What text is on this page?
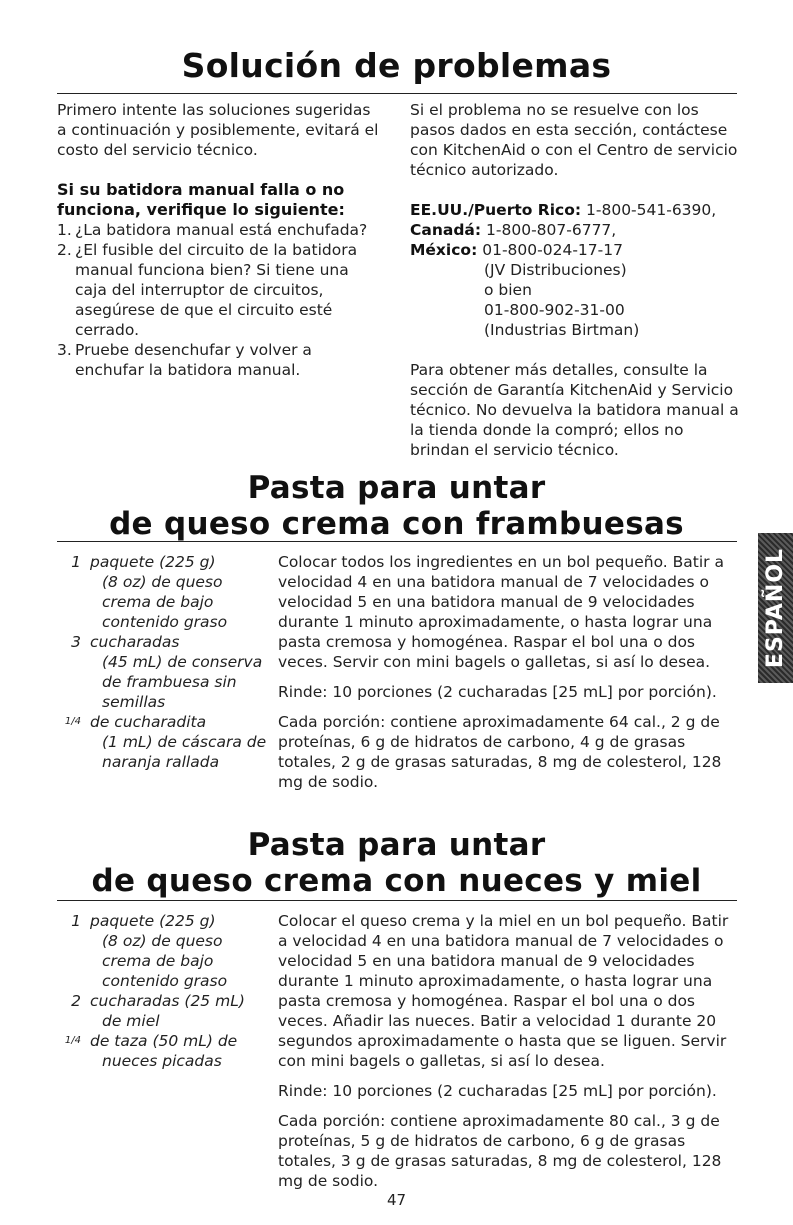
Solución de problemas

Primero intente las soluciones sugeridas a continuación y posiblemente, evitará el costo del servicio técnico.

Si su batidora manual falla o no funciona, verifique lo siguiente:

1. ¿La batidora manual está enchufada?
2. ¿El fusible del circuito de la batidora manual funciona bien? Si tiene una caja del interruptor de circuitos, asegúrese de que el circuito esté cerrado.
3. Pruebe desenchufar y volver a enchufar la batidora manual.

Si el problema no se resuelve con los pasos dados en esta sección, contáctese con KitchenAid o con el Centro de servicio técnico autorizado.

EE.UU./Puerto Rico: 1-800-541-6390,

Canadá: 1-800-807-6777,

México: 01-800-024-17-17

(JV Distribuciones)

o bien

01-800-902-31-00

(Industrias Birtman)

Para obtener más detalles, consulte la sección de Garantía KitchenAid y Servicio técnico. No devuelva la batidora manual a la tienda donde la compró; ellos no brindan el servicio técnico.

Pasta para untar
de queso crema con frambuesas
1 paquete (225 g)
(8 oz) de queso
crema de bajo
contenido graso
3 cucharadas
(45 mL) de conserva
de frambuesa sin
semillas
1/4 de cucharadita
(1 mL) de cáscara de
naranja rallada

Colocar todos los ingredientes en un bol pequeño. Batir a velocidad 4 en una batidora manual de 7 velocidades o velocidad 5 en una batidora manual de 9 velocidades durante 1 minuto aproximadamente, o hasta lograr una pasta cremosa y homogénea. Raspar el bol una o dos veces. Servir con mini bagels o galletas, si así lo desea.

Rinde: 10 porciones (2 cucharadas [25 mL] por porción).

Cada porción: contiene aproximadamente 64 cal., 2 g de proteínas, 6 g de hidratos de carbono, 4 g de grasas totales, 2 g de grasas saturadas, 8 mg de colesterol, 128 mg de sodio.

Pasta para untar
de queso crema con nueces y miel
1 paquete (225 g)
(8 oz) de queso
crema de bajo
contenido graso
2 cucharadas (25 mL)
de miel
1/4 de taza (50 mL) de
nueces picadas

Colocar el queso crema y la miel en un bol pequeño. Batir a velocidad 4 en una batidora manual de 7 velocidades o velocidad 5 en una batidora manual de 9 velocidades durante 1 minuto aproximadamente, o hasta lograr una pasta cremosa y homogénea. Raspar el bol una o dos veces. Añadir las nueces. Batir a velocidad 1 durante 20 segundos aproximadamente o hasta que se liguen. Servir con mini bagels o galletas, si así lo desea.

Rinde: 10 porciones (2 cucharadas [25 mL] por porción).

Cada porción: contiene aproximadamente 80 cal., 3 g de proteínas, 5 g de hidratos de carbono, 6 g de grasas totales, 3 g de grasas saturadas, 8 mg de colesterol, 128 mg de sodio.

ESPAÑOL
47
